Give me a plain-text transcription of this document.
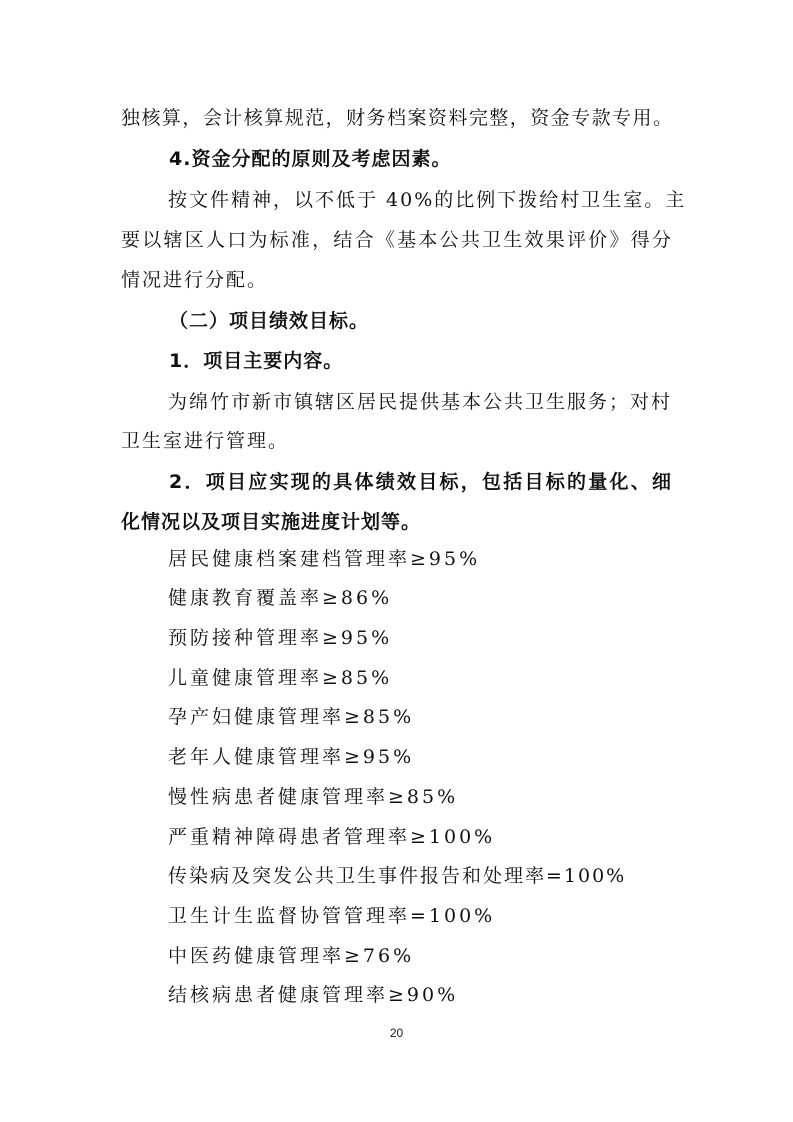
独核算，会计核算规范，财务档案资料完整，资金专款专用。
4.资金分配的原则及考虑因素。
按文件精神，以不低于 40%的比例下拨给村卫生室。主
要以辖区人口为标准，结合《基本公共卫生效果评价》得分
情况进行分配。
（二）项目绩效目标。
1．项目主要内容。
为绵竹市新市镇辖区居民提供基本公共卫生服务；对村
卫生室进行管理。
2．项目应实现的具体绩效目标，包括目标的量化、细
化情况以及项目实施进度计划等。
居民健康档案建档管理率≥95%
健康教育覆盖率≥86%
预防接种管理率≥95%
儿童健康管理率≥85%
孕产妇健康管理率≥85%
老年人健康管理率≥95%
慢性病患者健康管理率≥85%
严重精神障碍患者管理率≥100%
传染病及突发公共卫生事件报告和处理率=100%
卫生计生监督协管管理率=100%
中医药健康管理率≥76%
结核病患者健康管理率≥90%
20
